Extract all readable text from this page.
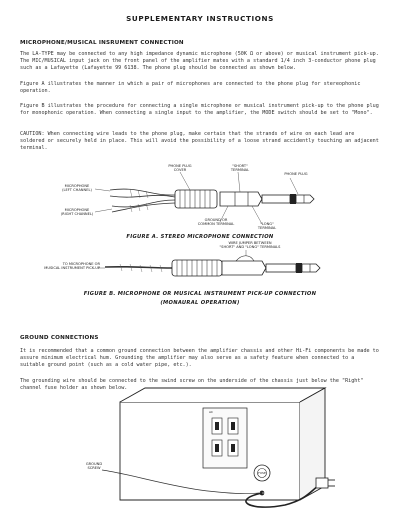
SUPPLEMENTARY INSTRUCTIONS
MICROPHONE/MUSICAL INSRUMENT CONNECTION
The LA-TYPE may be connected to any high impedance dynamic microphone (50K Ω or above) or musical instrument pick-up. The MIC/MUSICAL input jack on the front panel of the amplifier mates with a standard 1/4 inch 3-conductor phone plug such as a Lafayette (Lafayette 99 6138. The phone plug should be connected as shown below.
Figure A illustrates the manner in which a pair of microphones are connected to the phone plug for stereophonic operation.
Figure B illustrates the procedure for connecting a single microphone or musical instrument pick-up to the phone plug for monophonic operation. When connecting a single input to the amplifier, the MODE switch should be set to "Mono".
CAUTION: When connecting wire leads to the phone plug, make certain that the strands of wire on each lead are soldered or securely held in place. This will avoid the possibility of a loose strand accidently touching an adjacent terminal.
PHONE PLUG
COVER
"SHORT"
TERMINAL
PHONE PLUG
MICROPHONE
(LEFT CHANNEL)
MICROPHONE
(RIGHT CHANNEL)
GROUND OR
COMMON TERMINAL	"LONG"
TERMINAL
FIGURE A. STEREO MICROPHONE CONNECTION
WIRE JUMPER BETWEEN
"SHORT" AND "LONG" TERMINALS
TO MICROPHONE OR
MUSICAL INSTRUMENT PICK-UP
FIGURE B. MICROPHONE OR MUSICAL INSTRUMENT PICK-UP CONNECTION
(MONAURAL OPERATION)
GROUND CONNECTIONS
It is recommended that a common ground connection between the amplifier chassis and other Hi-Fi components be made to assure minimum electrical hum. Grounding the amplifier may also serve as a safety feature when connected to a suitable ground point (such as a cold water pipe, etc.).
The grounding wire should be connected to the swind screw on the underside of the chassis just below the "Right" channel fuse holder as shown below.
GROUND
SCREW
FUSE
AC
